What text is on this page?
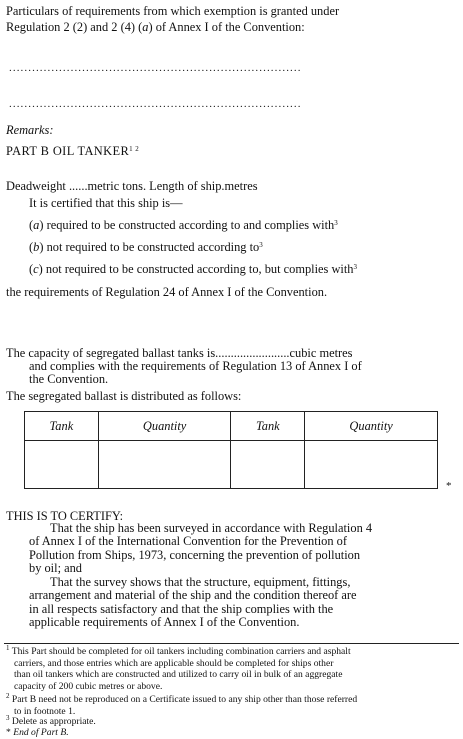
Particulars of requirements from which exemption is granted under
Regulation 2 (2) and 2 (4) (a) of Annex I of the Convention:
............................................................................
............................................................................
Remarks:
PART B OIL $TANKER^{1 2}$
Deadweight ......metric tons. Length of ship.metres
It is certified that this ship is—
(a) required to be constructed according to and complies with$^3$
(b) not required to be constructed according $to^3$
(c) not required to be constructed according to, but complies with$^3$
the requirements of Regulation 24 of Annex I of the Convention.
The capacity of segregated ballast tanks is........................cubic metres
and complies with the requirements of Regulation 13 of Annex I of
the Convention.
The segregated ballast is distributed as follows:
Tank	Quantity	Tank	Quantity

*
THIS IS TO CERTIFY:
That the ship has been surveyed in accordance with Regulation 4
of Annex I of the International Convention for the Prevention of
Pollution from Ships, 1973, concerning the prevention of pollution
by oil; and
That the survey shows that the structure, equipment, fittings,
arrangement and material of the ship and the condition thereof are
in all respects satisfactory and that the ship complies with the
applicable requirements of Annex I of the Convention.
$^1$ This Part should be completed for oil tankers including combination carriers and asphalt
carriers, and those entries which are applicable should be completed for ships other
than oil tankers which are constructed and utilized to carry oil in bulk of an aggregate
capacity of 200 cubic metres or above.
$^2$ Part B need not be reproduced on a Certificate issued to any ship other than those referred
to in footnote 1.
$^3$ Delete as appropriate.
* End of Part B.
